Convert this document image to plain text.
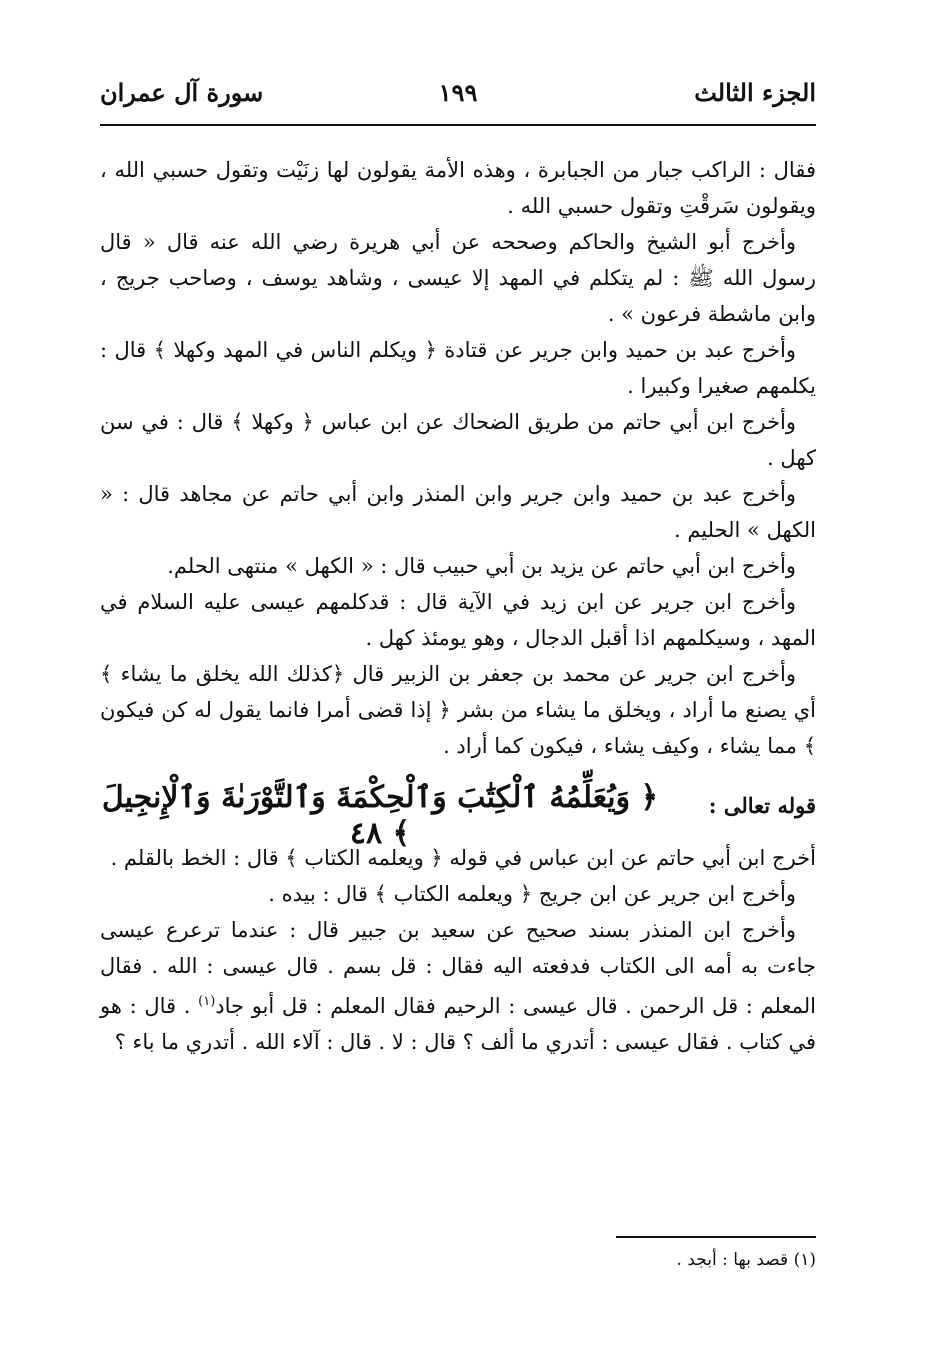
الجزء الثالث
١٩٩
سورة آل عمران

فقال : الراكب جبار من الجبابرة ، وهذه الأمة يقولون لها زنَيْت وتقول حسبي الله ، ويقولون سَرقْتِ وتقول حسبي الله .

وأخرج أبو الشيخ والحاكم وصححه عن أبي هريرة رضي الله عنه قال « قال رسول الله ﷺ : لم يتكلم في المهد إلا عيسى ، وشاهد يوسف ، وصاحب جريج ، وابن ماشطة فرعون » .

وأخرج عبد بن حميد وابن جرير عن قتادة ﴿ ويكلم الناس في المهد وكهلا ﴾ قال : يكلمهم صغيرا وكبيرا .

وأخرج ابن أبي حاتم من طريق الضحاك عن ابن عباس ﴿ وكهلا ﴾ قال : في سن كهل .

وأخرج عبد بن حميد وابن جرير وابن المنذر وابن أبي حاتم عن مجاهد قال : « الكهل » الحليم .

وأخرج ابن أبي حاتم عن يزيد بن أبي حبيب قال : « الكهل » منتهى الحلم.

وأخرج ابن جرير عن ابن زيد في الآية قال : قدكلمهم عيسى عليه السلام في المهد ، وسيكلمهم اذا أقبل الدجال ، وهو يومئذ كهل .

وأخرج ابن جرير عن محمد بن جعفر بن الزبير قال ﴿كذلك الله يخلق ما يشاء ﴾ أي يصنع ما أراد ، ويخلق ما يشاء من بشر ﴿ إذا قضى أمرا فانما يقول له كن فيكون ﴾ مما يشاء ، وكيف يشاء ، فيكون كما أراد .

قوله تعالى :
﴿ وَيُعَلِّمُهُ ٱلْكِتَٰبَ وَٱلْحِكْمَةَ وَٱلتَّوْرَىٰةَ وَٱلْإِنجِيلَ ﴾ ٤٨

أخرج ابن أبي حاتم عن ابن عباس في قوله ﴿ ويعلمه الكتاب ﴾ قال : الخط بالقلم .

وأخرج ابن جرير عن ابن جريج ﴿ ويعلمه الكتاب ﴾ قال : بيده .

وأخرج ابن المنذر بسند صحيح عن سعيد بن جبير قال : عندما ترعرع عيسى جاءت به أمه الى الكتاب فدفعته اليه فقال : قل بسم . قال عيسى : الله . فقال المعلم : قل الرحمن . قال عيسى : الرحيم فقال المعلم : قل أبو جاد$^{(١)}$ . قال : هو في كتاب . فقال عيسى : أتدري ما ألف ؟ قال : لا . قال : آلاء الله . أتدري ما باء ؟

(١) قصد بها : أبجد .
